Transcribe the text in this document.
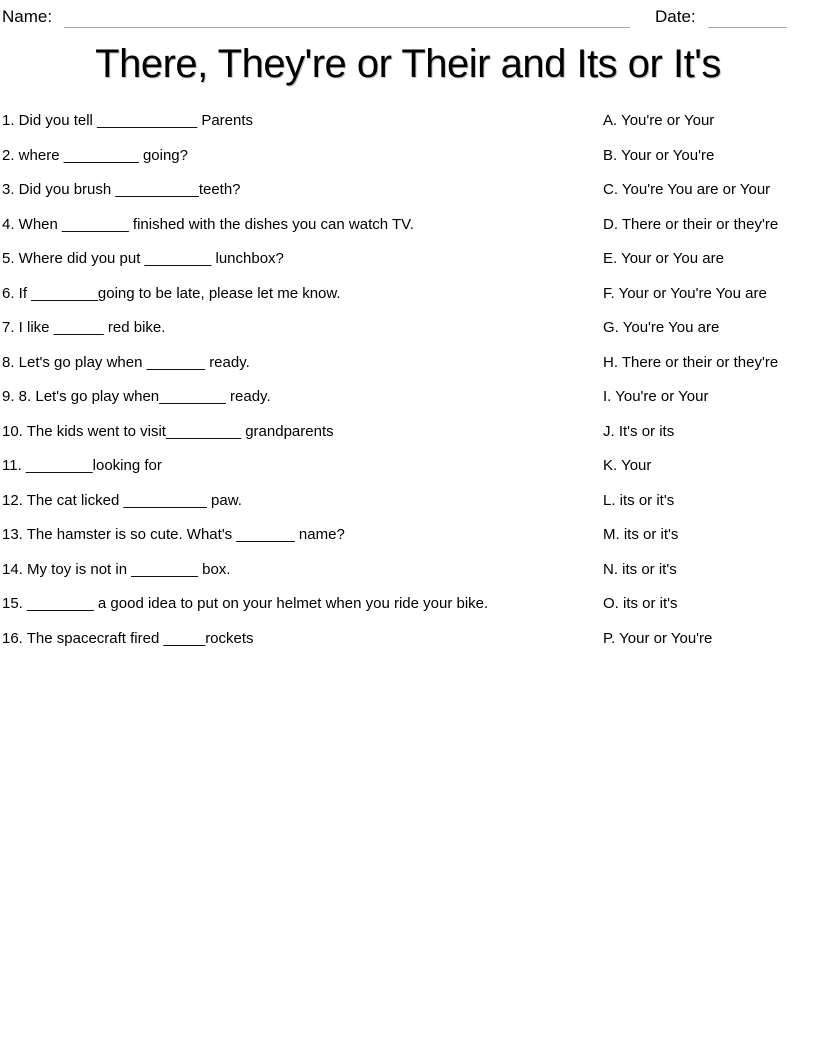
Name:	Date:
There, They're or Their and Its or It's
1. Did you tell ____________ Parents
2. where _________ going?
3. Did you brush __________teeth?
4. When ________ finished with the dishes you can watch TV.
5. Where did you put ________ lunchbox?
6. If ________going to be late, please let me know.
7. I like ______ red bike.
8. Let's go play when _______ ready.
9. 8. Let's go play when________ ready.
10. The kids went to visit_________ grandparents
11. ________looking for
12. The cat licked __________ paw.
13. The hamster is so cute. What's _______ name?
14. My toy is not in ________ box.
15. ________ a good idea to put on your helmet when you ride your bike.
16. The spacecraft fired _____rockets
A. You're or Your
B. Your or You're
C. You're You are or Your
D. There or their or they're
E. Your or You are
F. Your or You're You are
G. You're You are
H. There or their or they're
I. You're or Your
J. It's or its
K. Your
L. its or it's
M. its or it's
N. its or it's
O. its or it's
P. Your or You're
